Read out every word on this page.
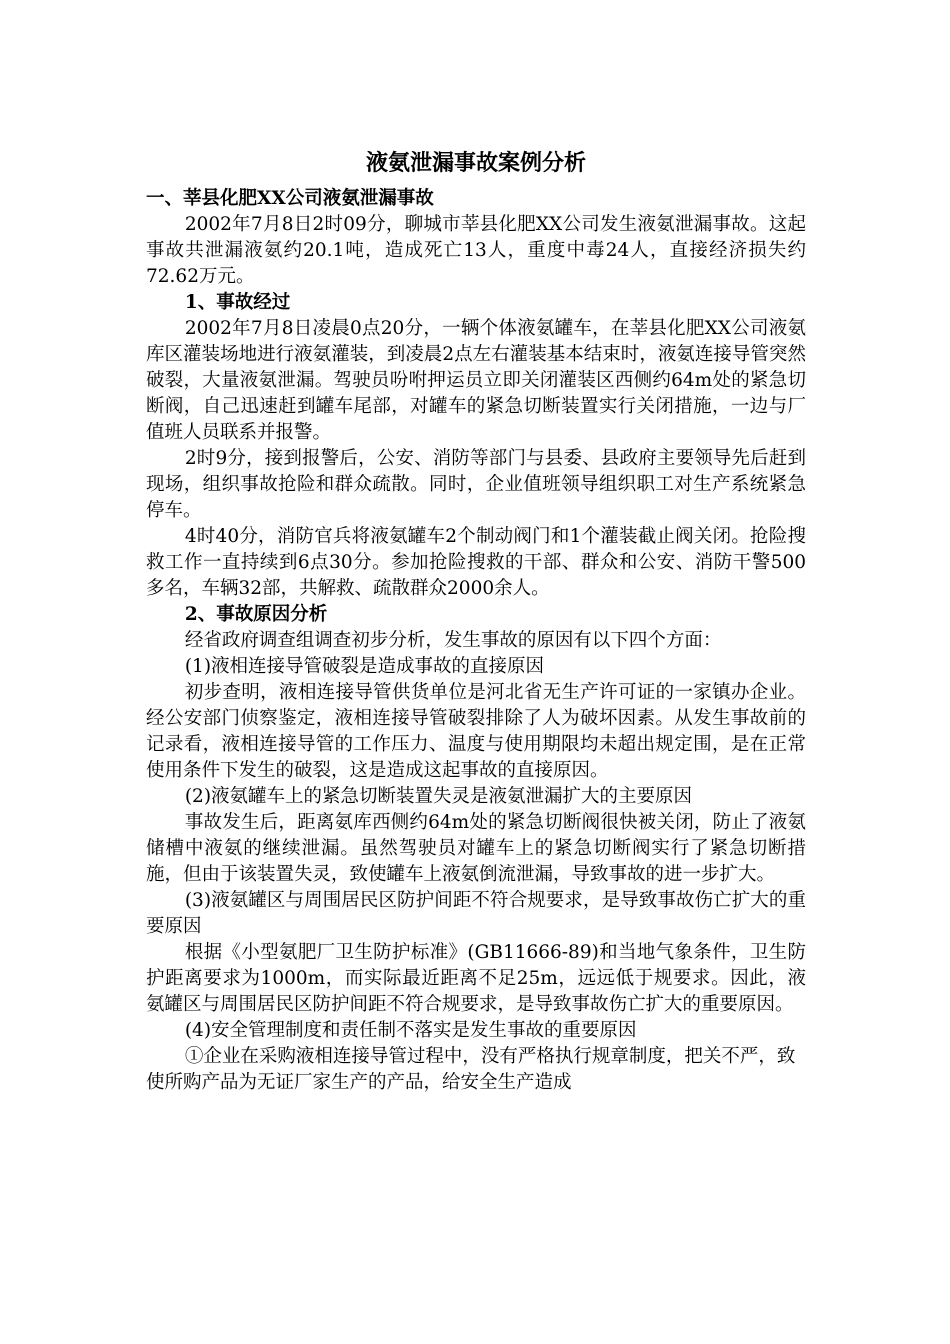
液氨泄漏事故案例分析
一、莘县化肥XX公司液氨泄漏事故

2002年7月8日2时09分，聊城市莘县化肥XX公司发生液氨泄漏事故。这起事故共泄漏液氨约20.1吨，造成死亡13人，重度中毒24人，直接经济损失约72.62万元。

1、事故经过

2002年7月8日凌晨0点20分，一辆个体液氨罐车，在莘县化肥XX公司液氨库区灌装场地进行液氨灌装，到凌晨2点左右灌装基本结束时，液氨连接导管突然破裂，大量液氨泄漏。驾驶员吩咐押运员立即关闭灌装区西侧约64m处的紧急切断阀，自己迅速赶到罐车尾部，对罐车的紧急切断装置实行关闭措施，一边与厂值班人员联系并报警。

2时9分，接到报警后，公安、消防等部门与县委、县政府主要领导先后赶到现场，组织事故抢险和群众疏散。同时，企业值班领导组织职工对生产系统紧急停车。

4时40分，消防官兵将液氨罐车2个制动阀门和1个灌装截止阀关闭。抢险搜救工作一直持续到6点30分。参加抢险搜救的干部、群众和公安、消防干警500多名，车辆32部，共解救、疏散群众2000余人。

2、事故原因分析

经省政府调查组调查初步分析，发生事故的原因有以下四个方面：

(1)液相连接导管破裂是造成事故的直接原因

初步查明，液相连接导管供货单位是河北省无生产许可证的一家镇办企业。经公安部门侦察鉴定，液相连接导管破裂排除了人为破坏因素。从发生事故前的记录看，液相连接导管的工作压力、温度与使用期限均未超出规定围，是在正常使用条件下发生的破裂，这是造成这起事故的直接原因。

(2)液氨罐车上的紧急切断装置失灵是液氨泄漏扩大的主要原因

事故发生后，距离氨库西侧约64m处的紧急切断阀很快被关闭，防止了液氨储槽中液氨的继续泄漏。虽然驾驶员对罐车上的紧急切断阀实行了紧急切断措施，但由于该装置失灵，致使罐车上液氨倒流泄漏，导致事故的进一步扩大。

(3)液氨罐区与周围居民区防护间距不符合规要求，是导致事故伤亡扩大的重要原因

根据《小型氨肥厂卫生防护标准》(GB11666-89)和当地气象条件，卫生防护距离要求为1000m，而实际最近距离不足25m，远远低于规要求。因此，液氨罐区与周围居民区防护间距不符合规要求，是导致事故伤亡扩大的重要原因。

(4)安全管理制度和责任制不落实是发生事故的重要原因

①企业在采购液相连接导管过程中，没有严格执行规章制度，把关不严，致使所购产品为无证厂家生产的产品，给安全生产造成
